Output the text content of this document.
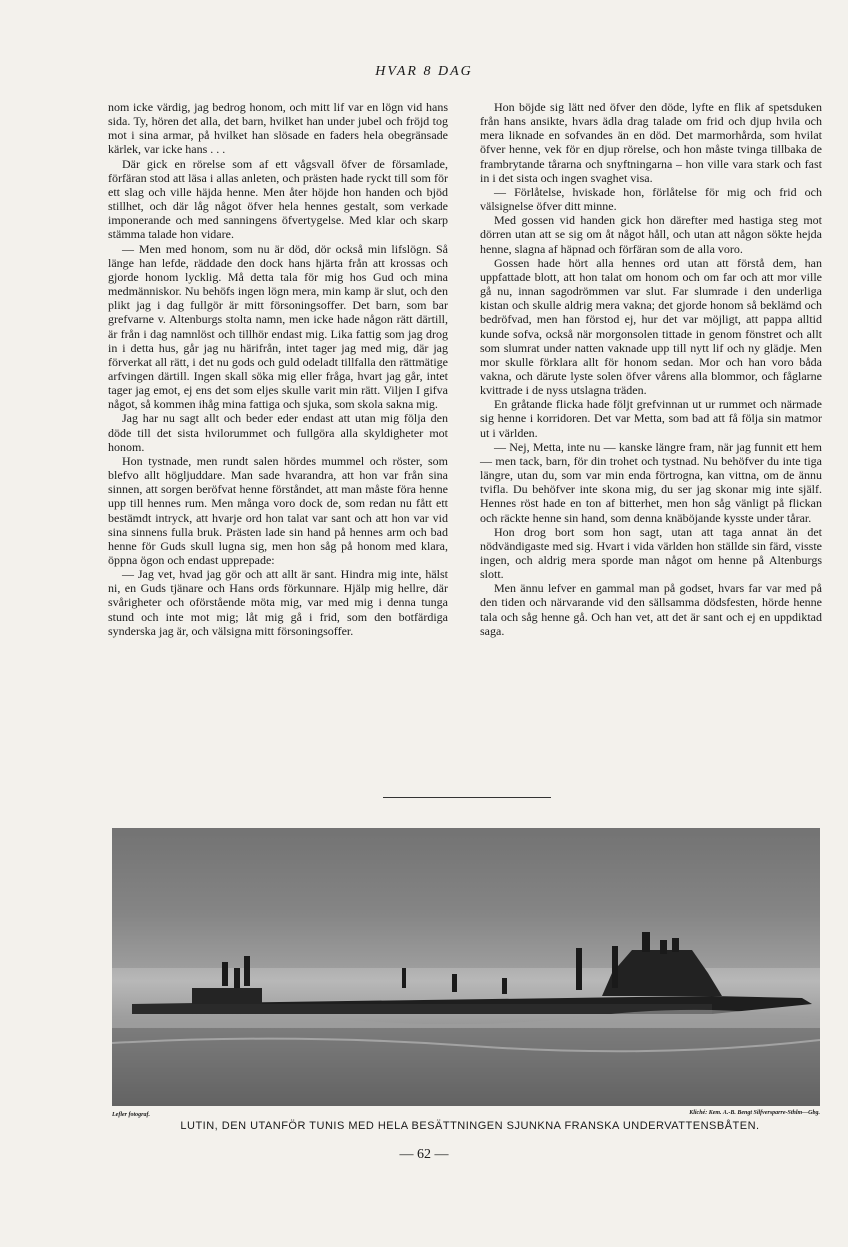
HVAR 8 DAG

nom icke värdig, jag bedrog honom, och mitt lif var en lögn vid hans sida. Ty, hören det alla, det barn, hvilket han under jubel och fröjd tog mot i sina armar, på hvilket han slösade en faders hela obegränsade kärlek, var icke hans . . .

Där gick en rörelse som af ett vågsvall öfver de församlade, förfäran stod att läsa i allas anleten, och prästen hade ryckt till som för ett slag och ville häjda henne. Men åter höjde hon handen och bjöd stillhet, och där låg något öfver hela hennes gestalt, som verkade imponerande och med sanningens öfvertygelse. Med klar och skarp stämma talade hon vidare.

— Men med honom, som nu är död, dör också min lifslögn. Så länge han lefde, räddade den dock hans hjärta från att krossas och gjorde honom lycklig. Må detta tala för mig hos Gud och mina medmänniskor. Nu behöfs ingen lögn mera, min kamp är slut, och den plikt jag i dag fullgör är mitt försoningsoffer. Det barn, som bar grefvarne v. Altenburgs stolta namn, men icke hade någon rätt därtill, är från i dag namnlöst och tillhör endast mig. Lika fattig som jag drog in i detta hus, går jag nu härifrån, intet tager jag med mig, där jag förverkat all rätt, i det nu gods och guld odeladt tillfalla den rättmätige arfvingen därtill. Ingen skall söka mig eller fråga, hvart jag går, intet tager jag emot, ej ens det som eljes skulle varit min rätt. Viljen I gifva något, så kommen ihåg mina fattiga och sjuka, som skola sakna mig.

Jag har nu sagt allt och beder eder endast att utan mig följa den döde till det sista hvilorummet och fullgöra alla skyldigheter mot honom.

Hon tystnade, men rundt salen hördes mummel och röster, som blefvo allt högljuddare. Man sade hvarandra, att hon var från sina sinnen, att sorgen beröfvat henne förståndet, att man måste föra henne upp till hennes rum. Men många voro dock de, som redan nu fått ett bestämdt intryck, att hvarje ord hon talat var sant och att hon var vid sina sinnens fulla bruk. Prästen lade sin hand på hennes arm och bad henne för Guds skull lugna sig, men hon såg på honom med klara, öppna ögon och endast upprepade:

— Jag vet, hvad jag gör och att allt är sant. Hindra mig inte, hälst ni, en Guds tjänare och Hans ords förkunnare. Hjälp mig hellre, där svårigheter och oförstående möta mig, var med mig i denna tunga stund och inte mot mig; låt mig gå i frid, som den botfärdiga synderska jag är, och välsigna mitt försoningsoffer.

Hon böjde sig lätt ned öfver den döde, lyfte en flik af spetsduken från hans ansikte, hvars ädla drag talade om frid och djup hvila och mera liknade en sofvandes än en död. Det marmorhårda, som hvilat öfver henne, vek för en djup rörelse, och hon måste tvinga tillbaka de frambrytande tårarna och snyftningarna – hon ville vara stark och fast in i det sista och ingen svaghet visa.

— Förlåtelse, hviskade hon, förlåtelse för mig och frid och välsignelse öfver ditt minne.

Med gossen vid handen gick hon därefter med hastiga steg mot dörren utan att se sig om åt något håll, och utan att någon sökte hejda henne, slagna af häpnad och förfäran som de alla voro.

Gossen hade hört alla hennes ord utan att förstå dem, han uppfattade blott, att hon talat om honom och om far och att mor ville gå nu, innan sagodrömmen var slut. Far slumrade i den underliga kistan och skulle aldrig mera vakna; det gjorde honom så beklämd och bedröfvad, men han förstod ej, hur det var möjligt, att pappa alltid kunde sofva, också när morgonsolen tittade in genom fönstret och allt som slumrat under natten vaknade upp till nytt lif och ny glädje. Men mor skulle förklara allt för honom sedan. Mor och han voro båda vakna, och därute lyste solen öfver vårens alla blommor, och fåglarne kvittrade i de nyss utslagna träden.

En gråtande flicka hade följt grefvinnan ut ur rummet och närmade sig henne i korridoren. Det var Metta, som bad att få följa sin matmor ut i världen.

— Nej, Metta, inte nu — kanske längre fram, när jag funnit ett hem — men tack, barn, för din trohet och tystnad. Nu behöfver du inte tiga längre, utan du, som var min enda förtrogna, kan vittna, om de ännu tvifla. Du behöfver inte skona mig, du ser jag skonar mig inte själf. Hennes röst hade en ton af bitterhet, men hon såg vänligt på flickan och räckte henne sin hand, som denna knäböjande kysste under tårar.

Hon drog bort som hon sagt, utan att taga annat än det nödvändigaste med sig. Hvart i vida världen hon ställde sin färd, visste ingen, och aldrig mera sporde man något om henne på Altenburgs slott.

Men ännu lefver en gammal man på godset, hvars far var med på den tiden och närvarande vid den sällsamma dödsfesten, hörde henne tala och såg henne gå. Och han vet, att det är sant och ej en uppdiktad saga.

Lefler fotograf.	Kliché: Kem. A.-B. Bengt Silfversparre-Sthlm—Gbg.
LUTIN, DEN UTANFÖR TUNIS MED HELA BESÄTTNINGEN SJUNKNA FRANSKA UNDERVATTENSBÅTEN.
— 62 —
